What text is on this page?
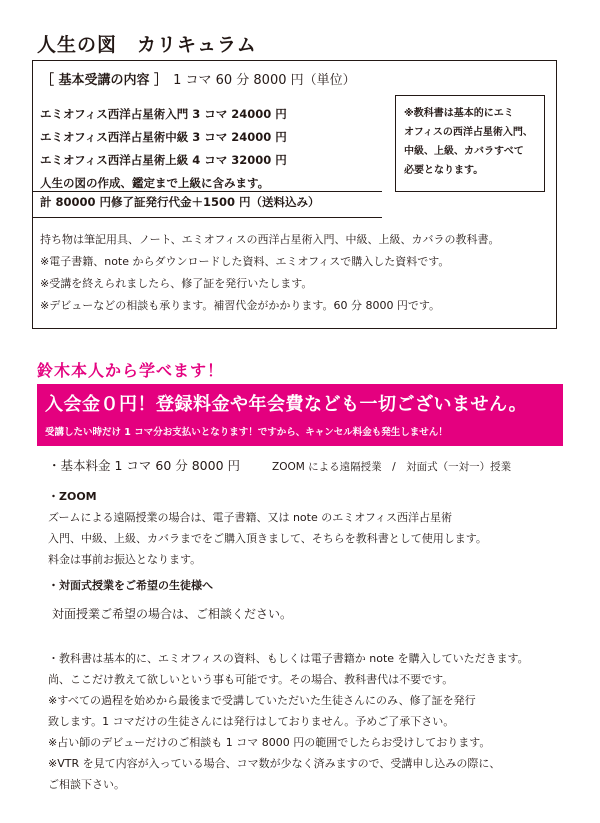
人生の図　カリキュラム
［ 基本受講の内容 ］ 1 コマ 60 分 8000 円（単位）
エミオフィス西洋占星術入門 3 コマ 24000 円
エミオフィス西洋占星術中級 3 コマ 24000 円
エミオフィス西洋占星術上級 4 コマ 32000 円
人生の図の作成、鑑定まで上級に含みます。
計 80000 円修了証発行代金＋1500 円（送料込み）
※教科書は基本的にエミ
オフィスの西洋占星術入門、
中級、上級、カバラすべて
必要となります。
持ち物は筆記用具、ノート、エミオフィスの西洋占星術入門、中級、上級、カバラの教科書。
※電子書籍、note からダウンロードした資料、エミオフィスで購入した資料です。
※受講を終えられましたら、修了証を発行いたします。
※デビューなどの相談も承ります。補習代金がかかります。60 分 8000 円です。
鈴木本人から学べます！
入会金０円！登録料金や年会費なども一切ございません。
受講したい時だけ 1 コマ分お支払いとなります！ですから、キャンセル料金も発生しません！
・基本料金 1 コマ 60 分 8000 円	ZOOM による遠隔授業　/　対面式（一対一）授業
・ZOOM
ズームによる遠隔授業の場合は、電子書籍、又は note のエミオフィス西洋占星術
入門、中級、上級、カバラまでをご購入頂きまして、そちらを教科書として使用します。
料金は事前お振込となります。
・対面式授業をご希望の生徒様へ
対面授業ご希望の場合は、ご相談ください。
・教科書は基本的に、エミオフィスの資料、もしくは電子書籍か note を購入していただきます。
尚、ここだけ教えて欲しいという事も可能です。その場合、教科書代は不要です。
※すべての過程を始めから最後まで受講していただいた生徒さんにのみ、修了証を発行
致します。1 コマだけの生徒さんには発行はしておりません。予めご了承下さい。
※占い師のデビューだけのご相談も 1 コマ 8000 円の範囲でしたらお受けしております。
※VTR を見て内容が入っている場合、コマ数が少なく済みますので、受講申し込みの際に、
ご相談下さい。
